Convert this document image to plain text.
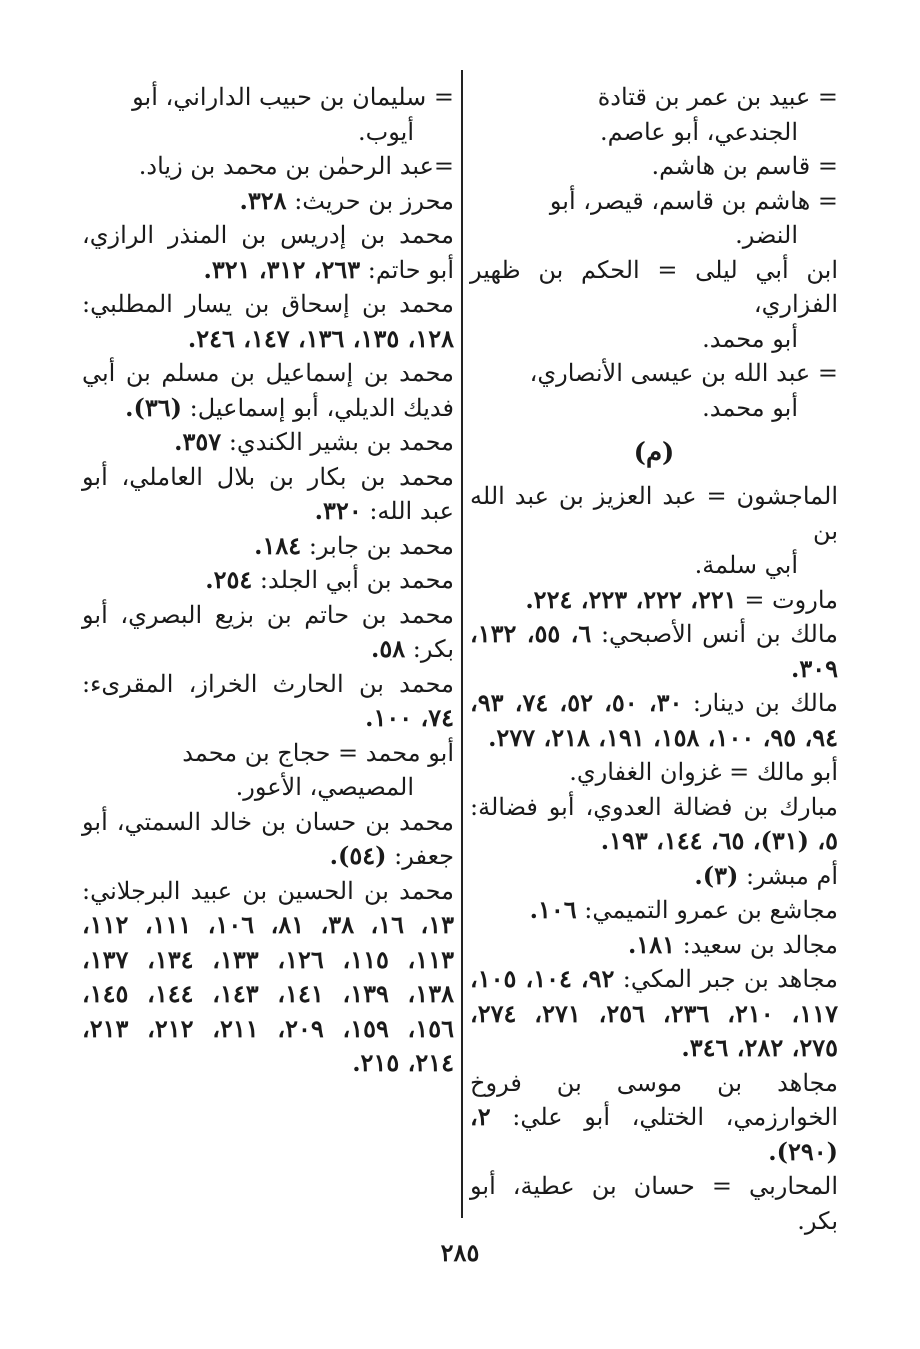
= عبيد بن عمر بن قتادة
الجندعي، أبو عاصم.
= قاسم بن هاشم.
= هاشم بن قاسم، قيصر، أبو
النضر.
ابن أبي ليلى = الحكم بن ظهير الفزاري،
أبو محمد.
= عبد الله بن عيسى الأنصاري،
أبو محمد.
(م)
الماجشون = عبد العزيز بن عبد الله بن
أبي سلمة.
ماروت = ٢٢١، ٢٢٢، ٢٢٣، ٢٢٤.
مالك بن أنس الأصبحي: ٦، ٥٥، ١٣٢، ٣٠٩.
مالك بن دينار: ٣٠، ٥٠، ٥٢، ٧٤، ٩٣، ٩٤، ٩٥، ١٠٠، ١٥٨، ١٩١، ٢١٨، ٢٧٧.
أبو مالك = غزوان الغفاري.
مبارك بن فضالة العدوي، أبو فضالة: ٥، (٣١)، ٦٥، ١٤٤، ١٩٣.
أم مبشر: (٣).
مجاشع بن عمرو التميمي: ١٠٦.
مجالد بن سعيد: ١٨١.
مجاهد بن جبر المكي: ٩٢، ١٠٤، ١٠٥، ١١٧، ٢١٠، ٢٣٦، ٢٥٦، ٢٧١، ٢٧٤، ٢٧٥، ٢٨٢، ٣٤٦.
مجاهد بن موسى بن فروخ الخوارزمي، الختلي، أبو علي: ٢، (٢٩٠).
المحاربي = حسان بن عطية، أبو بكر.
= سليمان بن حبيب الداراني، أبو
أيوب.
=عبد الرحمٰن بن محمد بن زياد.
محرز بن حريث: ٣٢٨.
محمد بن إدريس بن المنذر الرازي، أبو حاتم: ٢٦٣، ٣١٢، ٣٢١.
محمد بن إسحاق بن يسار المطلبي: ١٢٨، ١٣٥، ١٣٦، ١٤٧، ٢٤٦.
محمد بن إسماعيل بن مسلم بن أبي فديك الديلي، أبو إسماعيل: (٣٦).
محمد بن بشير الكندي: ٣٥٧.
محمد بن بكار بن بلال العاملي، أبو عبد الله: ٣٢٠.
محمد بن جابر: ١٨٤.
محمد بن أبي الجلد: ٢٥٤.
محمد بن حاتم بن بزيع البصري، أبو بكر: ٥٨.
محمد بن الحارث الخراز، المقرىء: ٧٤، ١٠٠.
أبو محمد = حجاج بن محمد
المصيصي، الأعور.
محمد بن حسان بن خالد السمتي، أبو جعفر: (٥٤).
محمد بن الحسين بن عبيد البرجلاني: ١٣، ١٦، ٣٨، ٨١، ١٠٦، ١١١، ١١٢، ١١٣، ١١٥، ١٢٦، ١٣٣، ١٣٤، ١٣٧، ١٣٨، ١٣٩، ١٤١، ١٤٣، ١٤٤، ١٤٥، ١٥٦، ١٥٩، ٢٠٩، ٢١١، ٢١٢، ٢١٣، ٢١٤، ٢١٥.
٢٨٥
